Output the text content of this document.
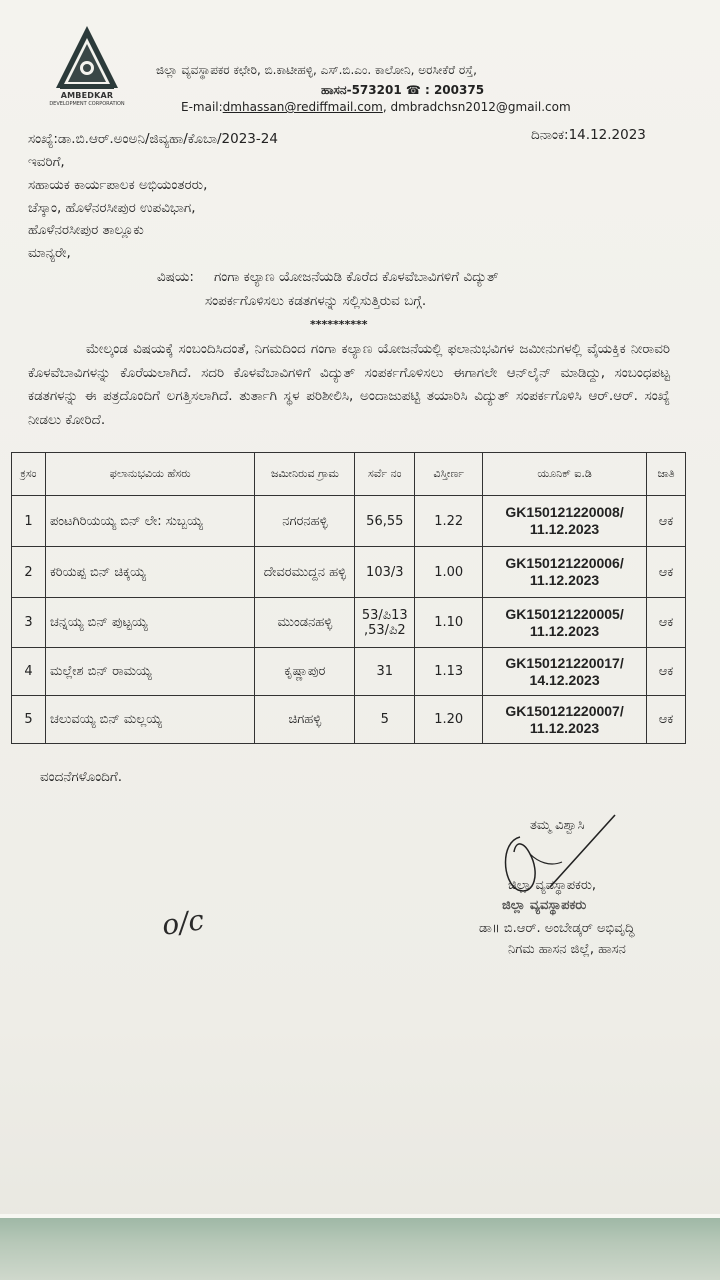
AMBEDKAR
DEVELOPMENT CORPORATION
ಜಿಲ್ಲಾ ವ್ಯವಸ್ಥಾಪಕರ ಕಛೇರಿ, ಬಿ.ಕಾಟೀಹಳ್ಳಿ, ಎಸ್.ಬಿ.ಎಂ. ಕಾಲೋನಿ, ಅರಸೀಕೆರೆ ರಸ್ತೆ,
ಹಾಸನ-573201 ☎ : 200375
E-mail:dmhassan@rediffmail.com, dmbradchsn2012@gmail.com
ಸಂಖ್ಯೆ:ಡಾ.ಬಿ.ಆರ್.ಅಂಅನಿ/ಜಿವ್ಯಹಾ/ಕೊಬಾ/2023-24	ದಿನಾಂಕ:14.12.2023
ಇವರಿಗೆ,
ಸಹಾಯಕ ಕಾರ್ಯಪಾಲಕ ಅಭಿಯಂತರರು,
ಚೆಸ್ಕಾಂ, ಹೊಳೆನರಸೀಪುರ ಉಪವಿಭಾಗ,
ಹೊಳೆನರಸೀಪುರ ತಾಲ್ಲೂಕು
ಮಾನ್ಯರೇ,
ವಿಷಯ: ಗಂಗಾ ಕಲ್ಯಾಣ ಯೋಜನೆಯಡಿ ಕೊರೆದ ಕೊಳವೆಬಾವಿಗಳಿಗೆ ವಿದ್ಯುತ್
ಸಂಪರ್ಕಗೊಳಿಸಲು ಕಡತಗಳನ್ನು ಸಲ್ಲಿಸುತ್ತಿರುವ ಬಗ್ಗೆ.
**********
ಮೇಲ್ಕಂಡ ವಿಷಯಕ್ಕೆ ಸಂಬಂದಿಸಿದಂತೆ, ನಿಗಮದಿಂದ ಗಂಗಾ ಕಲ್ಯಾಣ ಯೋಜನೆಯಲ್ಲಿ ಫಲಾನುಭವಿಗಳ ಜಮೀನುಗಳಲ್ಲಿ ವೈಯಕ್ತಿಕ ನೀರಾವರಿ ಕೊಳವೆಬಾವಿಗಳನ್ನು ಕೊರೆಯಲಾಗಿದೆ. ಸದರಿ ಕೊಳವೆಬಾವಿಗಳಿಗೆ ವಿದ್ಯುತ್ ಸಂಪರ್ಕಗೊಳಿಸಲು ಈಗಾಗಲೇ ಆನ್‌ಲೈನ್ ಮಾಡಿದ್ದು, ಸಂಬಂಧಪಟ್ಟ ಕಡತಗಳನ್ನು ಈ ಪತ್ರದೊಂದಿಗೆ ಲಗತ್ತಿಸಲಾಗಿದೆ. ತುರ್ತಾಗಿ ಸ್ಥಳ ಪರಿಶೀಲಿಸಿ, ಅಂದಾಜುಪಟ್ಟಿ ತಯಾರಿಸಿ ವಿದ್ಯುತ್ ಸಂಪರ್ಕಗೊಳಿಸಿ ಆರ್.ಆರ್. ಸಂಖ್ಯೆ ನೀಡಲು ಕೋರಿದೆ.
ಕ್ರಸಂ	ಫಲಾನುಭವಿಯ ಹೆಸರು	ಜಮೀನಿರುವ ಗ್ರಾಮ	ಸರ್ವೆ ನಂ	ವಿಸ್ತೀರ್ಣ	ಯೂನಿಕ್ ಐ.ಡಿ	ಜಾತಿ
1	ಪಂಟಗಿರಿಯಯ್ಯ ಬಿನ್ ಲೇ: ಸುಬ್ಬಯ್ಯ	ನಗರನಹಳ್ಳಿ	56,55	1.22	GK150121220008/
11.12.2023	ಆಕ
2	ಕರಿಯಪ್ಪ ಬಿನ್ ಚಿಕ್ಕಯ್ಯ	ದೇವರಮುದ್ದನ ಹಳ್ಳಿ	103/3	1.00	GK150121220006/
11.12.2023	ಆಕ
3	ಚನ್ನಯ್ಯ ಬಿನ್ ಪುಟ್ಟಯ್ಯ	ಮುಂಡನಹಳ್ಳಿ	53/ಪಿ13 ,53/ಪಿ2	1.10	GK150121220005/
11.12.2023	ಆಕ
4	ಮಲ್ಲೇಶ ಬಿನ್ ರಾಮಯ್ಯ	ಕೃಷ್ಣಾಪುರ	31	1.13	GK150121220017/
14.12.2023	ಆಕ
5	ಚಲುವಯ್ಯ ಬಿನ್ ಮಲ್ಲಯ್ಯ	ಚಿಗಹಳ್ಳಿ	5	1.20	GK150121220007/
11.12.2023	ಆಕ
ವಂದನೆಗಳೊಂದಿಗೆ.
ತಮ್ಮ ವಿಶ್ವಾಸಿ
ಜಿಲ್ಲಾ ವ್ಯವಸ್ಥಾಪಕರು,
ಜಿಲ್ಲಾ ವ್ಯವಸ್ಥಾಪಕರು
ಡಾ॥ ಬಿ.ಆರ್. ಅಂಬೇಡ್ಕರ್ ಅಭಿವೃದ್ಧಿ
ನಿಗಮ ಹಾಸನ ಜಿಲ್ಲೆ, ಹಾಸನ
o/c
